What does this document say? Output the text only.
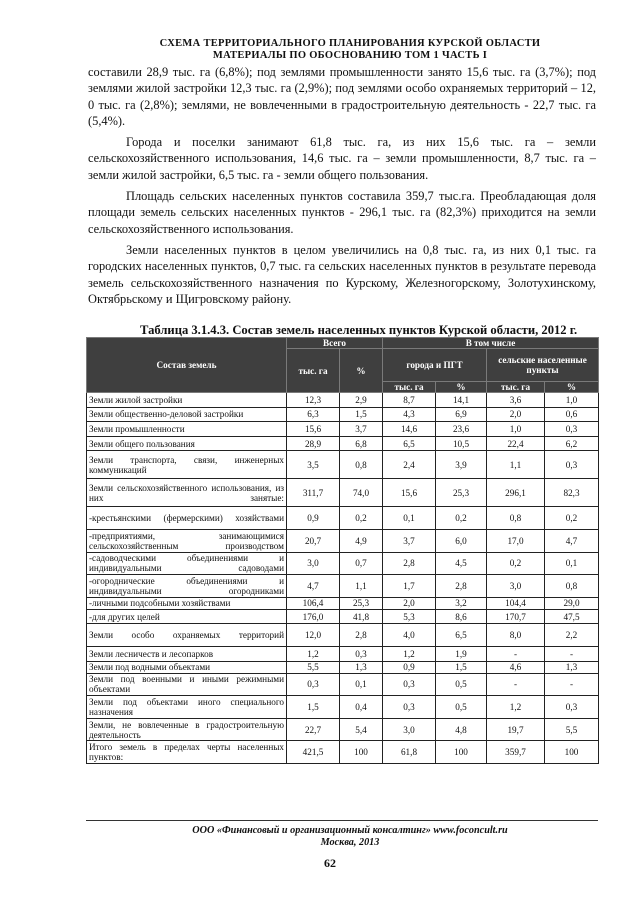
СХЕМА ТЕРРИТОРИАЛЬНОГО ПЛАНИРОВАНИЯ КУРСКОЙ ОБЛАСТИ
МАТЕРИАЛЫ ПО ОБОСНОВАНИЮ ТОМ 1 ЧАСТЬ I

составили 28,9 тыс. га (6,8%); под землями промышленности занято 15,6 тыс. га (3,7%); под землями жилой застройки 12,3 тыс. га (2,9%); под землями особо охраняемых территорий – 12, 0 тыс. га (2,8%); землями, не вовлеченными в градостроительную деятельность - 22,7 тыс. га (5,4%).

Города и поселки занимают 61,8 тыс. га, из них 15,6 тыс. га – земли сельскохозяйственного использования, 14,6 тыс. га – земли промышленности, 8,7 тыс. га – земли жилой застройки, 6,5 тыс. га - земли общего пользования.

Площадь сельских населенных пунктов составила 359,7 тыс.га. Преобладающая доля площади земель сельских населенных пунктов - 296,1 тыс. га (82,3%) приходится на земли сельскохозяйственного использования.

Земли населенных пунктов в целом увеличились на 0,8 тыс. га, из них 0,1 тыс. га городских населенных пунктов, 0,7 тыс. га сельских населенных пунктов в результате перевода земель сельскохозяйственного назначения по Курскому, Железногорскому, Золотухинскому, Октябрьскому и Щигровскому району.

Таблица 3.1.4.3. Состав земель населенных пунктов Курской области, 2012 г.
Состав земель	Всего		В том числе			
	тыс. га	%	города и ПГТ		сельские населенные пункты	
			тыс. га	%	тыс. га	%
Земли жилой застройки	12,3	2,9	8,7	14,1	3,6	1,0
Земли общественно-деловой застройки	6,3	1,5	4,3	6,9	2,0	0,6
Земли промышленности	15,6	3,7	14,6	23,6	1,0	0,3
Земли общего пользования	28,9	6,8	6,5	10,5	22,4	6,2
Земли транспорта, связи, инженерных коммуникаций	3,5	0,8	2,4	3,9	1,1	0,3
Земли сельскохозяйственного использования, из них занятые:	311,7	74,0	15,6	25,3	296,1	82,3
-крестьянскими (фермерскими) хозяйствами	0,9	0,2	0,1	0,2	0,8	0,2
-предприятиями, занимающимися сельскохозяйственным производством	20,7	4,9	3,7	6,0	17,0	4,7
-садоводческими объединениями и индивидуальными садоводами	3,0	0,7	2,8	4,5	0,2	0,1
-огороднические объединениями и индивидуальными огородниками	4,7	1,1	1,7	2,8	3,0	0,8
-личными подсобными хозяйствами	106,4	25,3	2,0	3,2	104,4	29,0
-для других целей	176,0	41,8	5,3	8,6	170,7	47,5
Земли особо охраняемых территорий	12,0	2,8	4,0	6,5	8,0	2,2
Земли лесничеств и лесопарков	1,2	0,3	1,2	1,9	-	-
Земли под водными объектами	5,5	1,3	0,9	1,5	4,6	1,3
Земли под военными и иными режимными объектами	0,3	0,1	0,3	0,5	-	-
Земли под объектами иного специального назначения	1,5	0,4	0,3	0,5	1,2	0,3
Земли, не вовлеченные в градостроительную деятельность	22,7	5,4	3,0	4,8	19,7	5,5
Итого земель в пределах черты населенных пунктов:	421,5	100	61,8	100	359,7	100
ООО «Финансовый и организационный консалтинг» www.foconcult.ru
Москва, 2013
62
